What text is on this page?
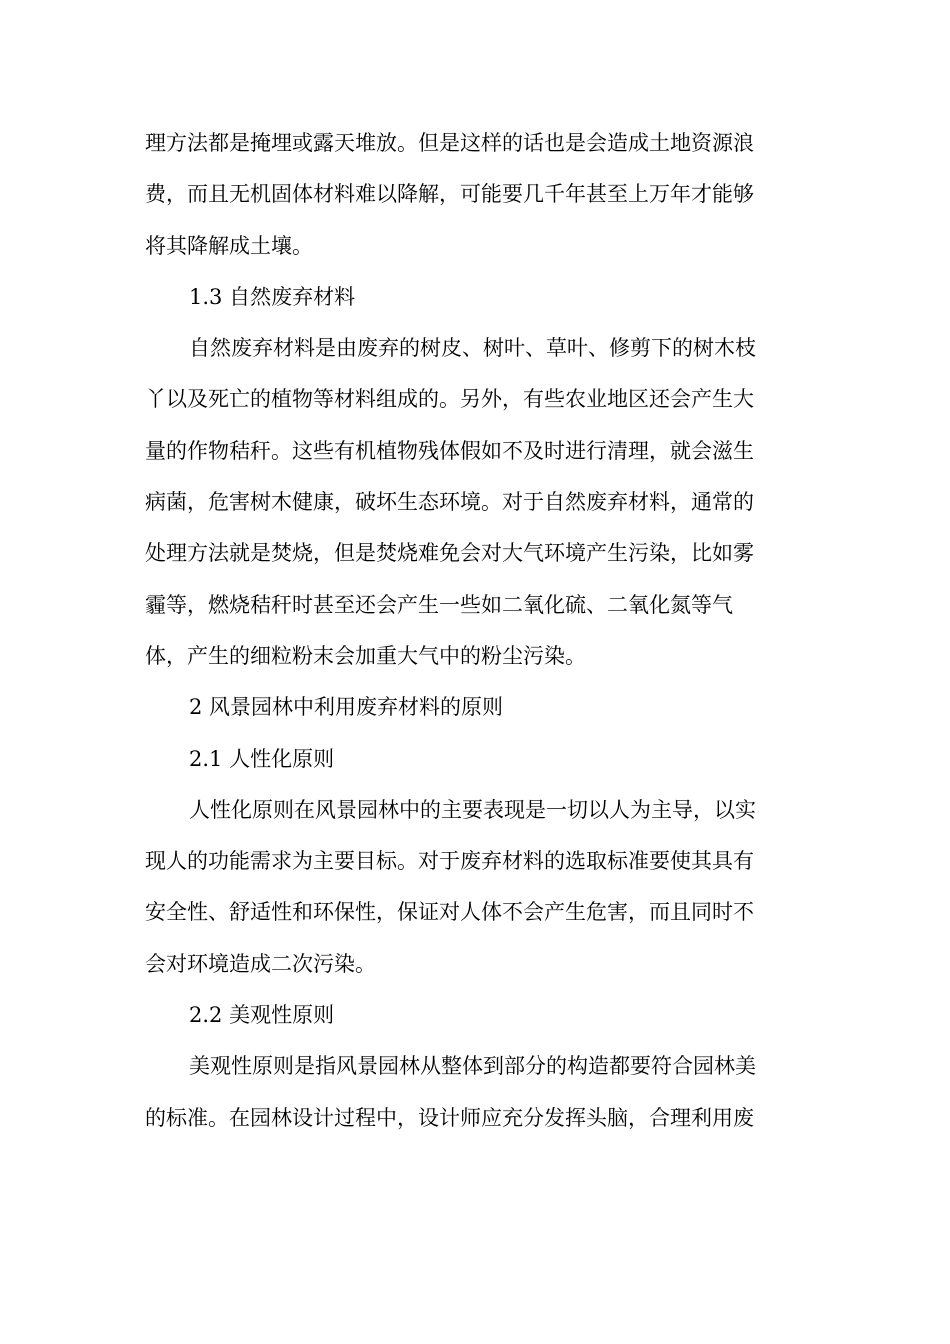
理方法都是掩埋或露天堆放。但是这样的话也是会造成土地资源浪
费，而且无机固体材料难以降解，可能要几千年甚至上万年才能够
将其降解成土壤。
1.3 自然废弃材料
自然废弃材料是由废弃的树皮、树叶、草叶、修剪下的树木枝
丫以及死亡的植物等材料组成的。另外，有些农业地区还会产生大
量的作物秸秆。这些有机植物残体假如不及时进行清理，就会滋生
病菌，危害树木健康，破坏生态环境。对于自然废弃材料，通常的
处理方法就是焚烧，但是焚烧难免会对大气环境产生污染，比如雾
霾等，燃烧秸秆时甚至还会产生一些如二氧化硫、二氧化氮等气
体，产生的细粒粉末会加重大气中的粉尘污染。
2 风景园林中利用废弃材料的原则
2.1 人性化原则
人性化原则在风景园林中的主要表现是一切以人为主导，以实
现人的功能需求为主要目标。对于废弃材料的选取标准要使其具有
安全性、舒适性和环保性，保证对人体不会产生危害，而且同时不
会对环境造成二次污染。
2.2 美观性原则
美观性原则是指风景园林从整体到部分的构造都要符合园林美
的标准。在园林设计过程中，设计师应充分发挥头脑，合理利用废
